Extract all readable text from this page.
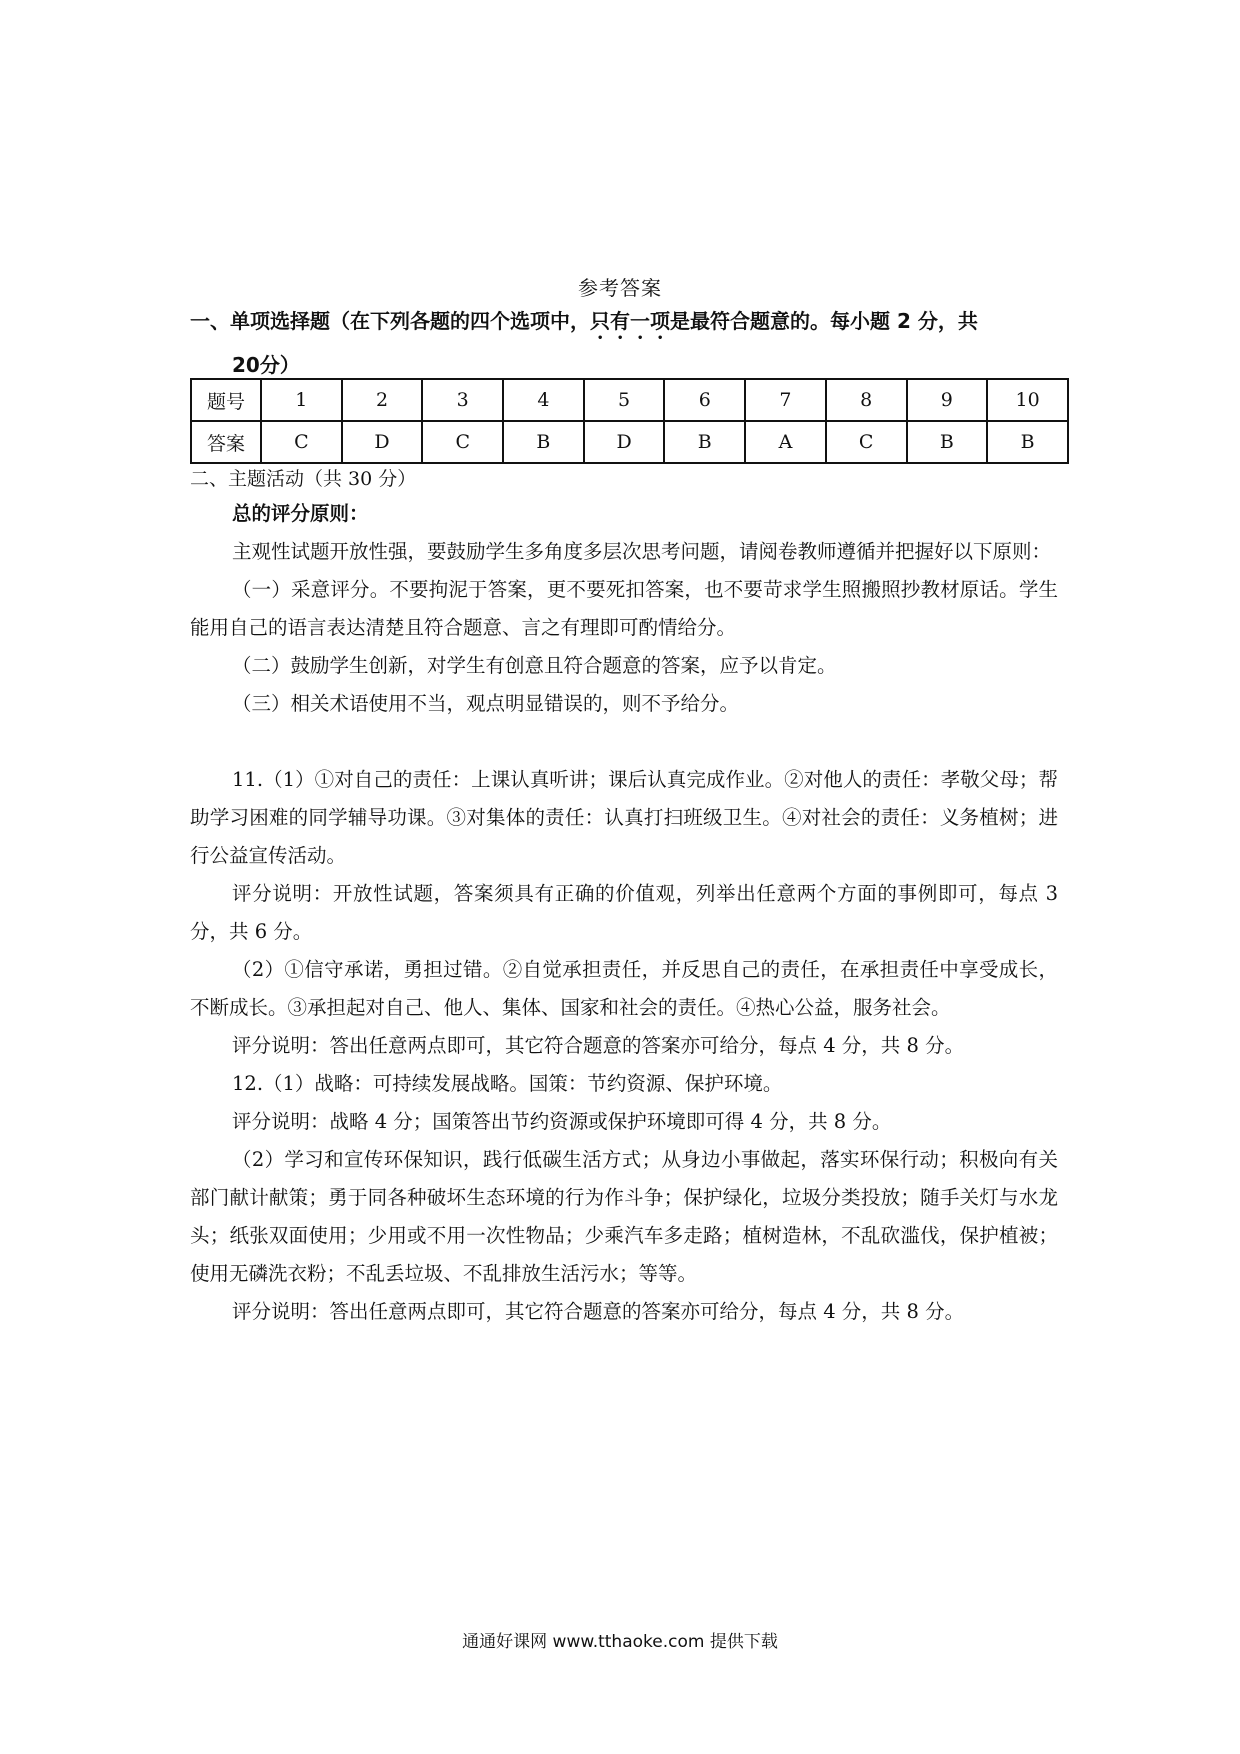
参考答案
一、单项选择题（在下列各题的四个选项中，只有一项是最符合题意的。每小题 2 分，共
20分）
题号	1	2	3	4	5	6	7	8	9	10
答案	C	D	C	B	D	B	A	C	B	B
二、主题活动（共 30 分）

总的评分原则：

主观性试题开放性强，要鼓励学生多角度多层次思考问题，请阅卷教师遵循并把握好以下原则：

（一）采意评分。不要拘泥于答案，更不要死扣答案，也不要苛求学生照搬照抄教材原话。学生能用自己的语言表达清楚且符合题意、言之有理即可酌情给分。

（二）鼓励学生创新，对学生有创意且符合题意的答案，应予以肯定。

（三）相关术语使用不当，观点明显错误的，则不予给分。

11.（1）①对自己的责任：上课认真听讲；课后认真完成作业。②对他人的责任：孝敬父母；帮助学习困难的同学辅导功课。③对集体的责任：认真打扫班级卫生。④对社会的责任：义务植树；进行公益宣传活动。

评分说明：开放性试题，答案须具有正确的价值观，列举出任意两个方面的事例即可，每点 3 分，共 6 分。

（2）①信守承诺，勇担过错。②自觉承担责任，并反思自己的责任，在承担责任中享受成长，不断成长。③承担起对自己、他人、集体、国家和社会的责任。④热心公益，服务社会。

评分说明：答出任意两点即可，其它符合题意的答案亦可给分，每点 4 分，共 8 分。

12.（1）战略：可持续发展战略。国策：节约资源、保护环境。

评分说明：战略 4 分；国策答出节约资源或保护环境即可得 4 分，共 8 分。

（2）学习和宣传环保知识，践行低碳生活方式；从身边小事做起，落实环保行动；积极向有关部门献计献策；勇于同各种破坏生态环境的行为作斗争；保护绿化，垃圾分类投放；随手关灯与水龙头；纸张双面使用；少用或不用一次性物品；少乘汽车多走路；植树造林，不乱砍滥伐，保护植被；使用无磷洗衣粉；不乱丢垃圾、不乱排放生活污水；等等。

评分说明：答出任意两点即可，其它符合题意的答案亦可给分，每点 4 分，共 8 分。

通通好课网 www.tthaoke.com 提供下载
